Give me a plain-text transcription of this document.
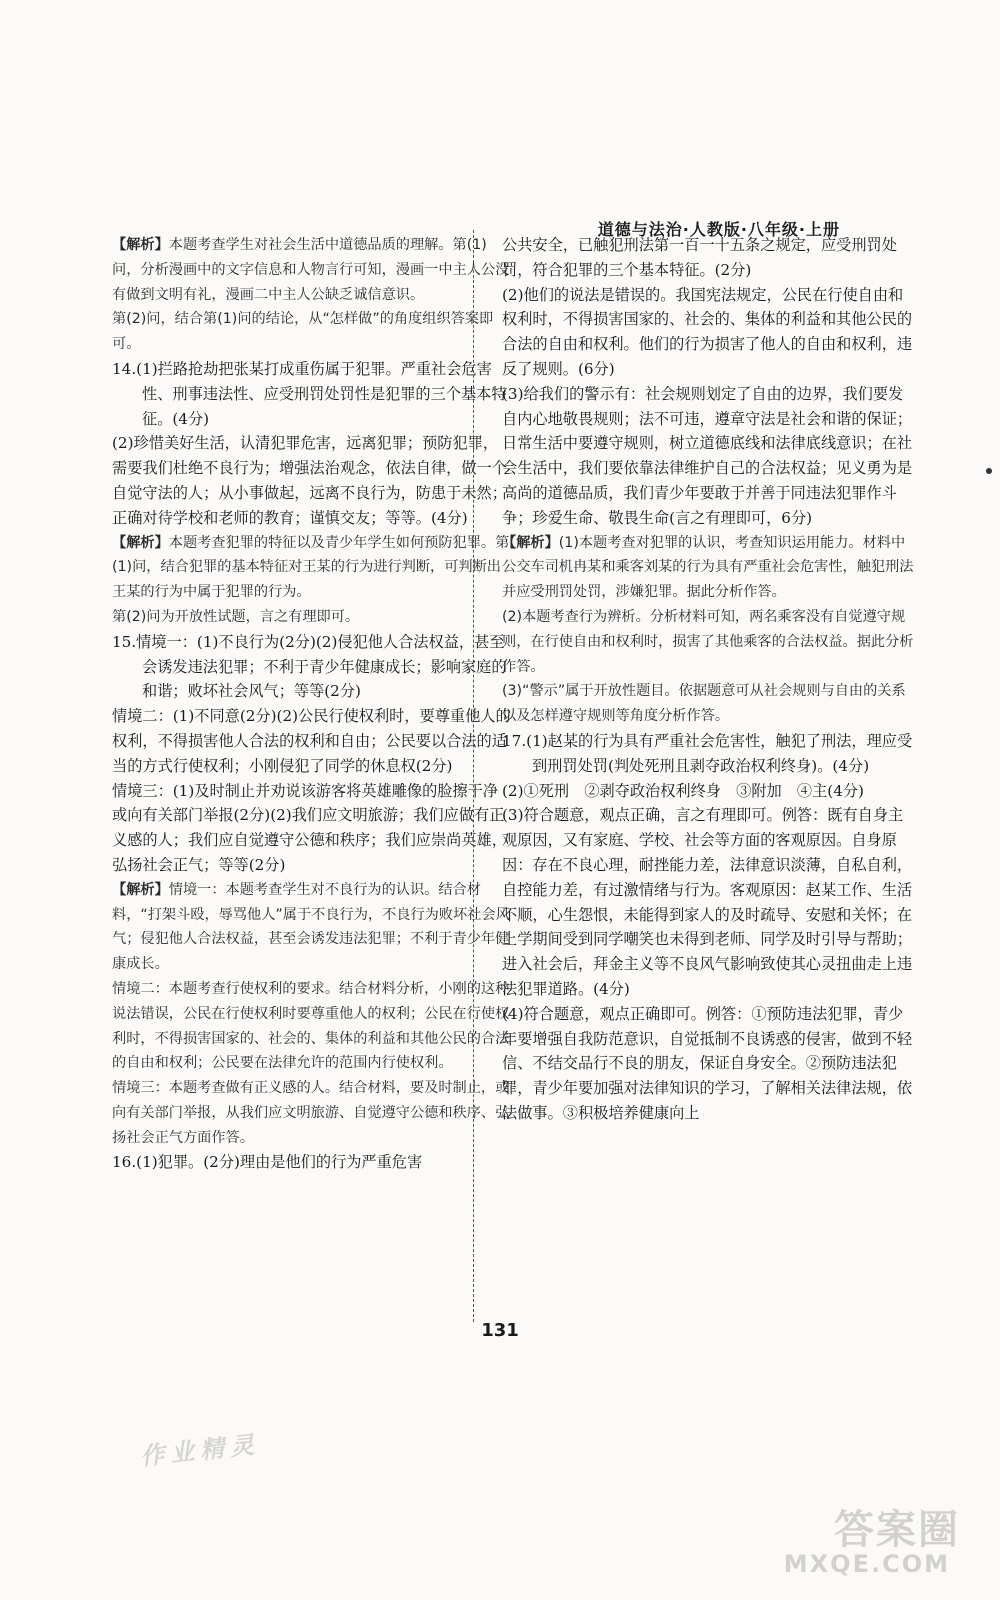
道德与法治·人教版·八年级·上册

【解析】本题考查学生对社会生活中道德品质的理解。第(1)问，分析漫画中的文字信息和人物言行可知，漫画一中主人公没有做到文明有礼，漫画二中主人公缺乏诚信意识。

第(2)问，结合第(1)问的结论，从“怎样做”的角度组织答案即可。

14.(1)拦路抢劫把张某打成重伤属于犯罪。严重社会危害性、刑事违法性、应受刑罚处罚性是犯罪的三个基本特征。(4分)

(2)珍惜美好生活，认清犯罪危害，远离犯罪；预防犯罪，需要我们杜绝不良行为；增强法治观念，依法自律，做一个自觉守法的人；从小事做起，远离不良行为，防患于未然；正确对待学校和老师的教育；谨慎交友；等等。(4分)

【解析】本题考查犯罪的特征以及青少年学生如何预防犯罪。第(1)问，结合犯罪的基本特征对王某的行为进行判断，可判断出王某的行为中属于犯罪的行为。

第(2)问为开放性试题，言之有理即可。

15.情境一：(1)不良行为(2分)(2)侵犯他人合法权益，甚至会诱发违法犯罪；不利于青少年健康成长；影响家庭的和谐；败坏社会风气；等等(2分)

情境二：(1)不同意(2分)(2)公民行使权利时，要尊重他人的权利，不得损害他人合法的权利和自由；公民要以合法的适当的方式行使权利；小刚侵犯了同学的休息权(2分)

情境三：(1)及时制止并劝说该游客将英雄雕像的脸擦干净或向有关部门举报(2分)(2)我们应文明旅游；我们应做有正义感的人；我们应自觉遵守公德和秩序；我们应崇尚英雄，弘扬社会正气；等等(2分)

【解析】情境一：本题考查学生对不良行为的认识。结合材料，“打架斗殴，辱骂他人”属于不良行为，不良行为败坏社会风气；侵犯他人合法权益，甚至会诱发违法犯罪；不利于青少年健康成长。

情境二：本题考查行使权利的要求。结合材料分析，小刚的这种说法错误，公民在行使权利时要尊重他人的权利；公民在行使权利时，不得损害国家的、社会的、集体的利益和其他公民的合法的自由和权利；公民要在法律允许的范围内行使权利。

情境三：本题考查做有正义感的人。结合材料，要及时制止，或向有关部门举报，从我们应文明旅游、自觉遵守公德和秩序、弘扬社会正气方面作答。

16.(1)犯罪。(2分)理由是他们的行为严重危害

公共安全，已触犯刑法第一百一十五条之规定，应受刑罚处罚，符合犯罪的三个基本特征。(2分)

(2)他们的说法是错误的。我国宪法规定，公民在行使自由和权利时，不得损害国家的、社会的、集体的利益和其他公民的合法的自由和权利。他们的行为损害了他人的自由和权利，违反了规则。(6分)

(3)给我们的警示有：社会规则划定了自由的边界，我们要发自内心地敬畏规则；法不可违，遵章守法是社会和谐的保证；日常生活中要遵守规则，树立道德底线和法律底线意识；在社会生活中，我们要依靠法律维护自己的合法权益；见义勇为是高尚的道德品质，我们青少年要敢于并善于同违法犯罪作斗争；珍爱生命、敬畏生命(言之有理即可，6分)

【解析】(1)本题考查对犯罪的认识，考查知识运用能力。材料中公交车司机冉某和乘客刘某的行为具有严重社会危害性，触犯刑法并应受刑罚处罚，涉嫌犯罪。据此分析作答。

(2)本题考查行为辨析。分析材料可知，两名乘客没有自觉遵守规则，在行使自由和权利时，损害了其他乘客的合法权益。据此分析作答。

(3)“警示”属于开放性题目。依据题意可从社会规则与自由的关系以及怎样遵守规则等角度分析作答。

17.(1)赵某的行为具有严重社会危害性，触犯了刑法，理应受到刑罚处罚(判处死刑且剥夺政治权利终身)。(4分)

(2)①死刑　②剥夺政治权利终身　③附加　④主(4分)

(3)符合题意，观点正确，言之有理即可。例答：既有自身主观原因，又有家庭、学校、社会等方面的客观原因。自身原因：存在不良心理，耐挫能力差，法律意识淡薄，自私自利，自控能力差，有过激情绪与行为。客观原因：赵某工作、生活不顺，心生怨恨，未能得到家人的及时疏导、安慰和关怀；在上学期间受到同学嘲笑也未得到老师、同学及时引导与帮助；进入社会后，拜金主义等不良风气影响致使其心灵扭曲走上违法犯罪道路。(4分)

(4)符合题意，观点正确即可。例答：①预防违法犯罪，青少年要增强自我防范意识，自觉抵制不良诱惑的侵害，做到不轻信、不结交品行不良的朋友，保证自身安全。②预防违法犯罪，青少年要加强对法律知识的学习，了解相关法律法规，依法做事。③积极培养健康向上

131
作业精灵
答案圈
MXQE.COM
